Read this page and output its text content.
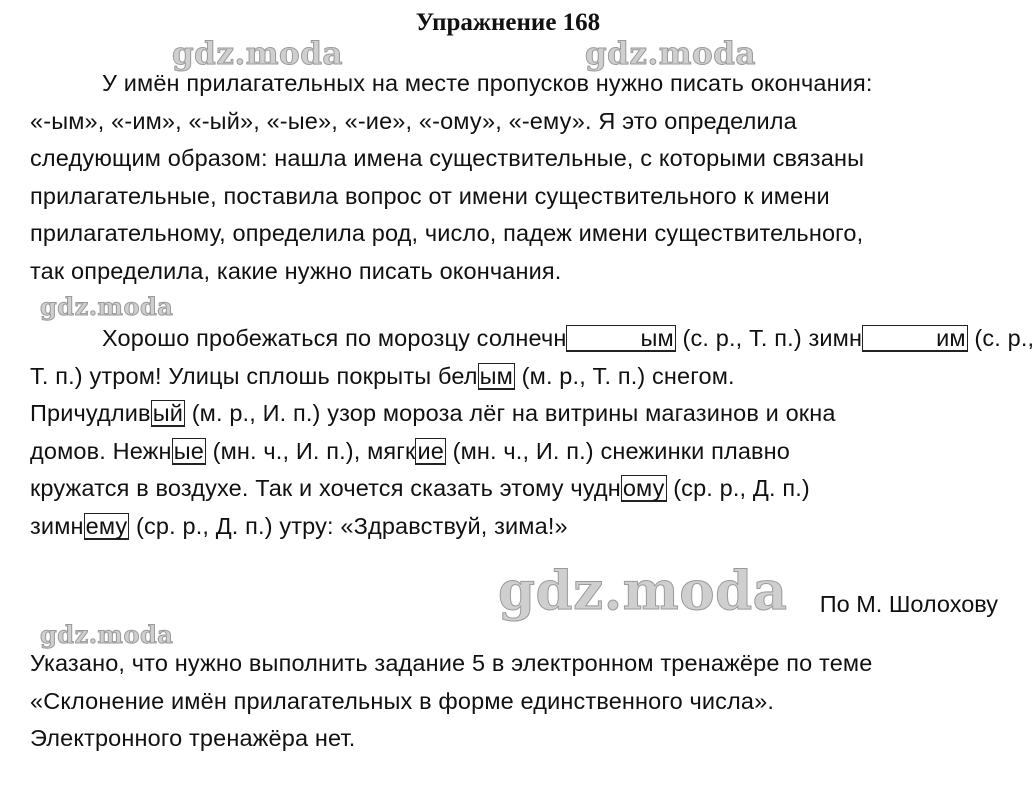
Упражнение 168
У имён прилагательных на месте пропусков нужно писать окончания:
«-ым», «-им», «-ый», «-ые», «-ие», «-ому», «-ему». Я это определила
следующим образом: нашла имена существительные, с которыми связаны
прилагательные, поставила вопрос от имени существительного к имени
прилагательному, определила род, число, падеж имени существительного,
так определила, какие нужно писать окончания.
Хорошо пробежаться по морозцу солнечн	ым (с. р., Т. п.) зимн	им (с. р.,
Т. п.) утром! Улицы сплошь покрыты белым (м. р., Т. п.) снегом.
Причудливый (м. р., И. п.) узор мороза лёг на витрины магазинов и окна
домов. Нежные (мн. ч., И. п.), мягкие (мн. ч., И. п.) снежинки плавно
кружатся в воздухе. Так и хочется сказать этому чудному (ср. р., Д. п.)
зимнему (ср. р., Д. п.) утру: «Здравствуй, зима!»
По М. Шолохову
Указано, что нужно выполнить задание 5 в электронном тренажёре по теме
«Склонение имён прилагательных в форме единственного числа».
Электронного тренажёра нет.
gdz.moda	gdz.moda
gdz.moda
gdz.moda
gdz.moda
